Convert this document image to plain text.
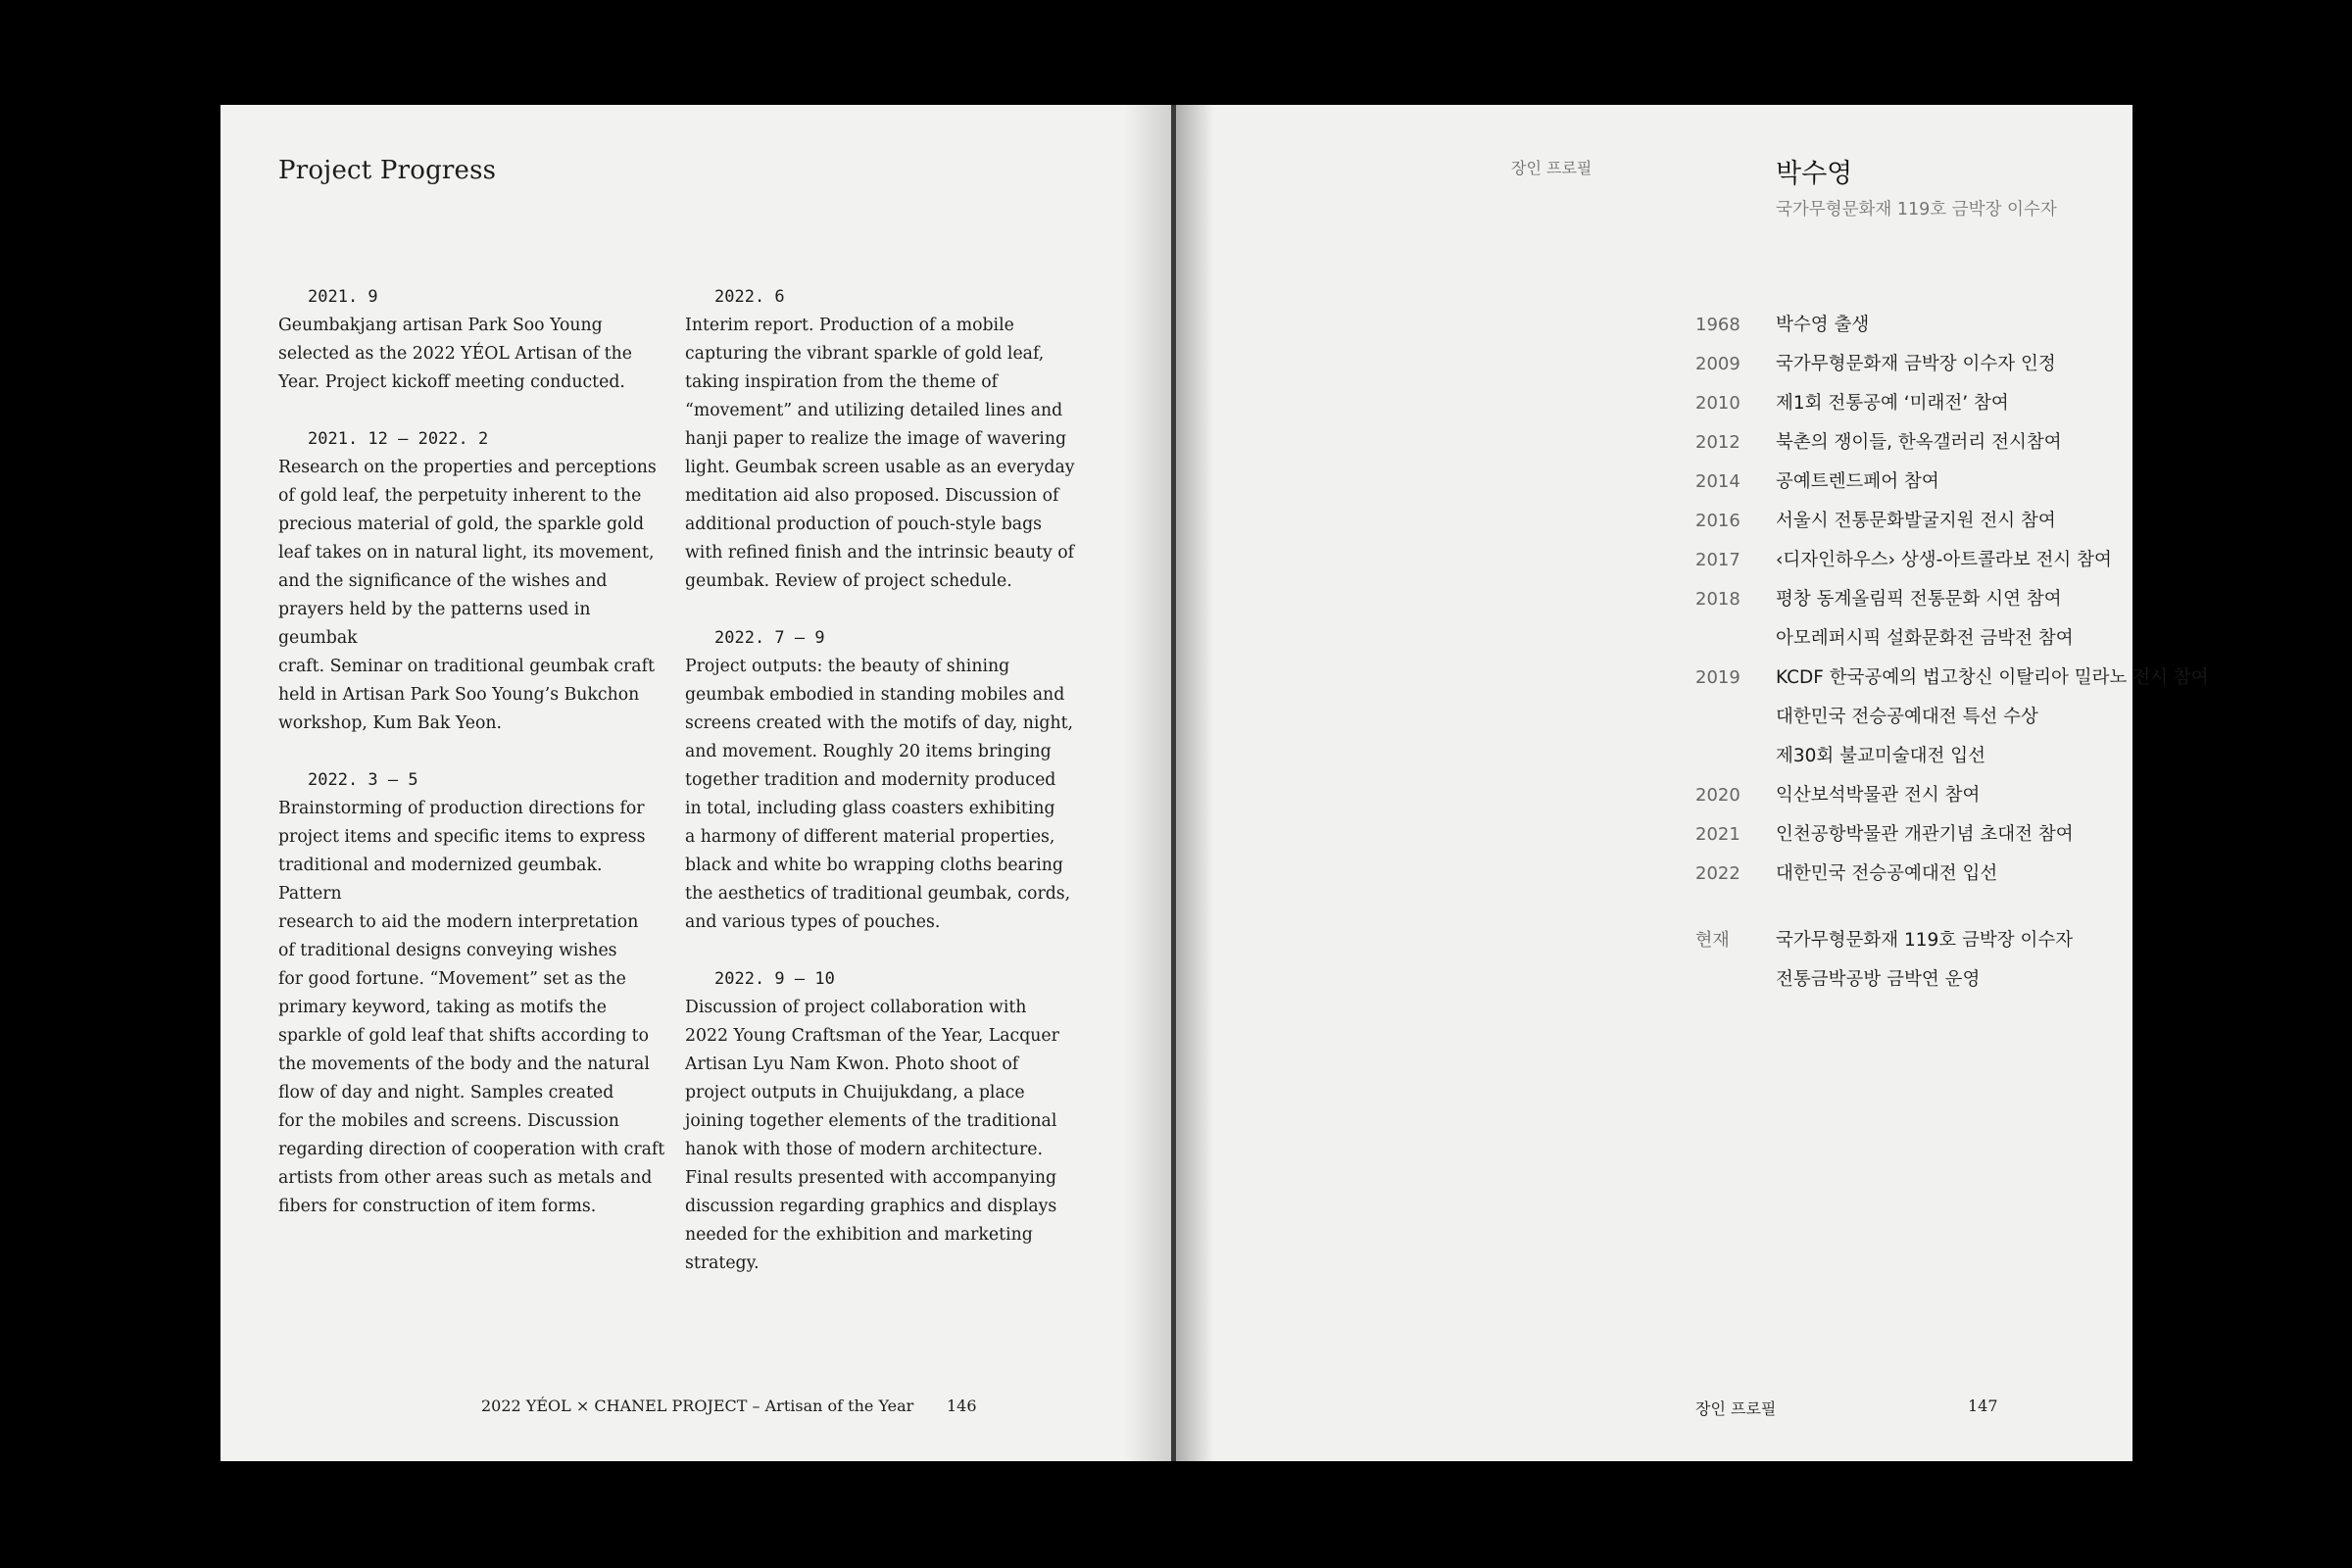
Project Progress
2021. 9
Geumbakjang artisan Park Soo Young
selected as the 2022 YÉOL Artisan of the
Year. Project kickoff meeting conducted.
2021. 12 – 2022. 2
Research on the properties and perceptions
of gold leaf, the perpetuity inherent to the
precious material of gold, the sparkle gold
leaf takes on in natural light, its movement,
and the significance of the wishes and
prayers held by the patterns used in geumbak
craft. Seminar on traditional geumbak craft
held in Artisan Park Soo Young’s Bukchon
workshop, Kum Bak Yeon.
2022. 3 – 5
Brainstorming of production directions for
project items and specific items to express
traditional and modernized geumbak. Pattern
research to aid the modern interpretation
of traditional designs conveying wishes
for good fortune. “Movement” set as the
primary keyword, taking as motifs the
sparkle of gold leaf that shifts according to
the movements of the body and the natural
flow of day and night. Samples created
for the mobiles and screens. Discussion
regarding direction of cooperation with craft
artists from other areas such as metals and
fibers for construction of item forms.
2022. 6
Interim report. Production of a mobile
capturing the vibrant sparkle of gold leaf,
taking inspiration from the theme of
“movement” and utilizing detailed lines and
hanji paper to realize the image of wavering
light. Geumbak screen usable as an everyday
meditation aid also proposed. Discussion of
additional production of pouch-style bags
with refined finish and the intrinsic beauty of
geumbak. Review of project schedule.
2022. 7 – 9
Project outputs: the beauty of shining
geumbak embodied in standing mobiles and
screens created with the motifs of day, night,
and movement. Roughly 20 items bringing
together tradition and modernity produced
in total, including glass coasters exhibiting
a harmony of different material properties,
black and white bo wrapping cloths bearing
the aesthetics of traditional geumbak, cords,
and various types of pouches.
2022. 9 – 10
Discussion of project collaboration with
2022 Young Craftsman of the Year, Lacquer
Artisan Lyu Nam Kwon. Photo shoot of
project outputs in Chuijukdang, a place
joining together elements of the traditional
hanok with those of modern architecture.
Final results presented with accompanying
discussion regarding graphics and displays
needed for the exhibition and marketing
strategy.
2022 YÉOL × CHANEL PROJECT – Artisan of the Year 146
장인 프로필	박수영
국가무형문화재 119호 금박장 이수자
1968	박수영 출생
2009	국가무형문화재 금박장 이수자 인정
2010	제1회 전통공예 ‘미래전’ 참여
2012	북촌의 쟁이들, 한옥갤러리 전시참여
2014	공예트렌드페어 참여
2016	서울시 전통문화발굴지원 전시 참여
2017	‹디자인하우스› 상생-아트콜라보 전시 참여
2018	평창 동계올림픽 전통문화 시연 참여
아모레퍼시픽 설화문화전 금박전 참여
2019	KCDF 한국공예의 법고창신 이탈리아 밀라노 전시 참여
대한민국 전승공예대전 특선 수상
제30회 불교미술대전 입선
2020	익산보석박물관 전시 참여
2021	인천공항박물관 개관기념 초대전 참여
2022	대한민국 전승공예대전 입선
현재	국가무형문화재 119호 금박장 이수자
전통금박공방 금박연 운영
장인 프로필	147
